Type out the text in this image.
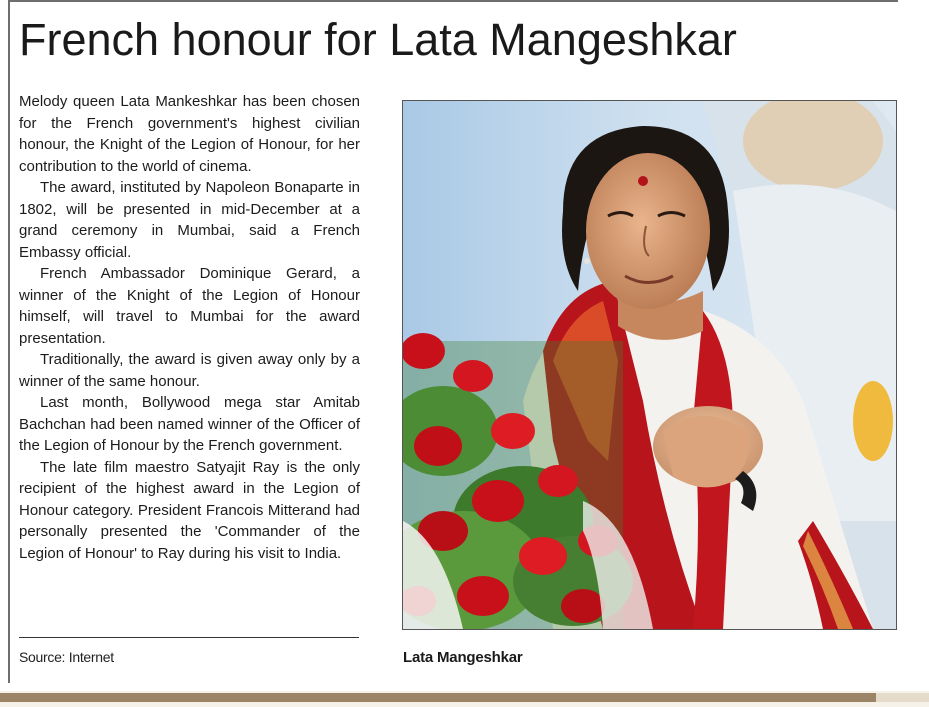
French honour for Lata Mangeshkar

Melody queen Lata Mankeshkar has been chosen for the French government's highest civilian honour, the Knight of the Legion of Honour, for her contribution to the world of cinema.

The award, instituted by Napoleon Bonaparte in 1802, will be presented in mid-December at a grand ceremony in Mumbai, said a French Embassy official.

French Ambassador Dominique Gerard, a winner of the Knight of the Legion of Honour himself, will travel to Mumbai for the award presentation.

Traditionally, the award is given away only by a winner of the same honour.

Last month, Bollywood mega star Amitab Bachchan had been named winner of the Officer of the Legion of Honour by the French government.

The late film maestro Satyajit Ray is the only recipient of the highest award in the Legion of Honour category. President Francois Mitterand had personally presented the 'Commander of the Legion of Honour' to Ray during his visit to India.

Source: Internet	Lata Mangeshkar
